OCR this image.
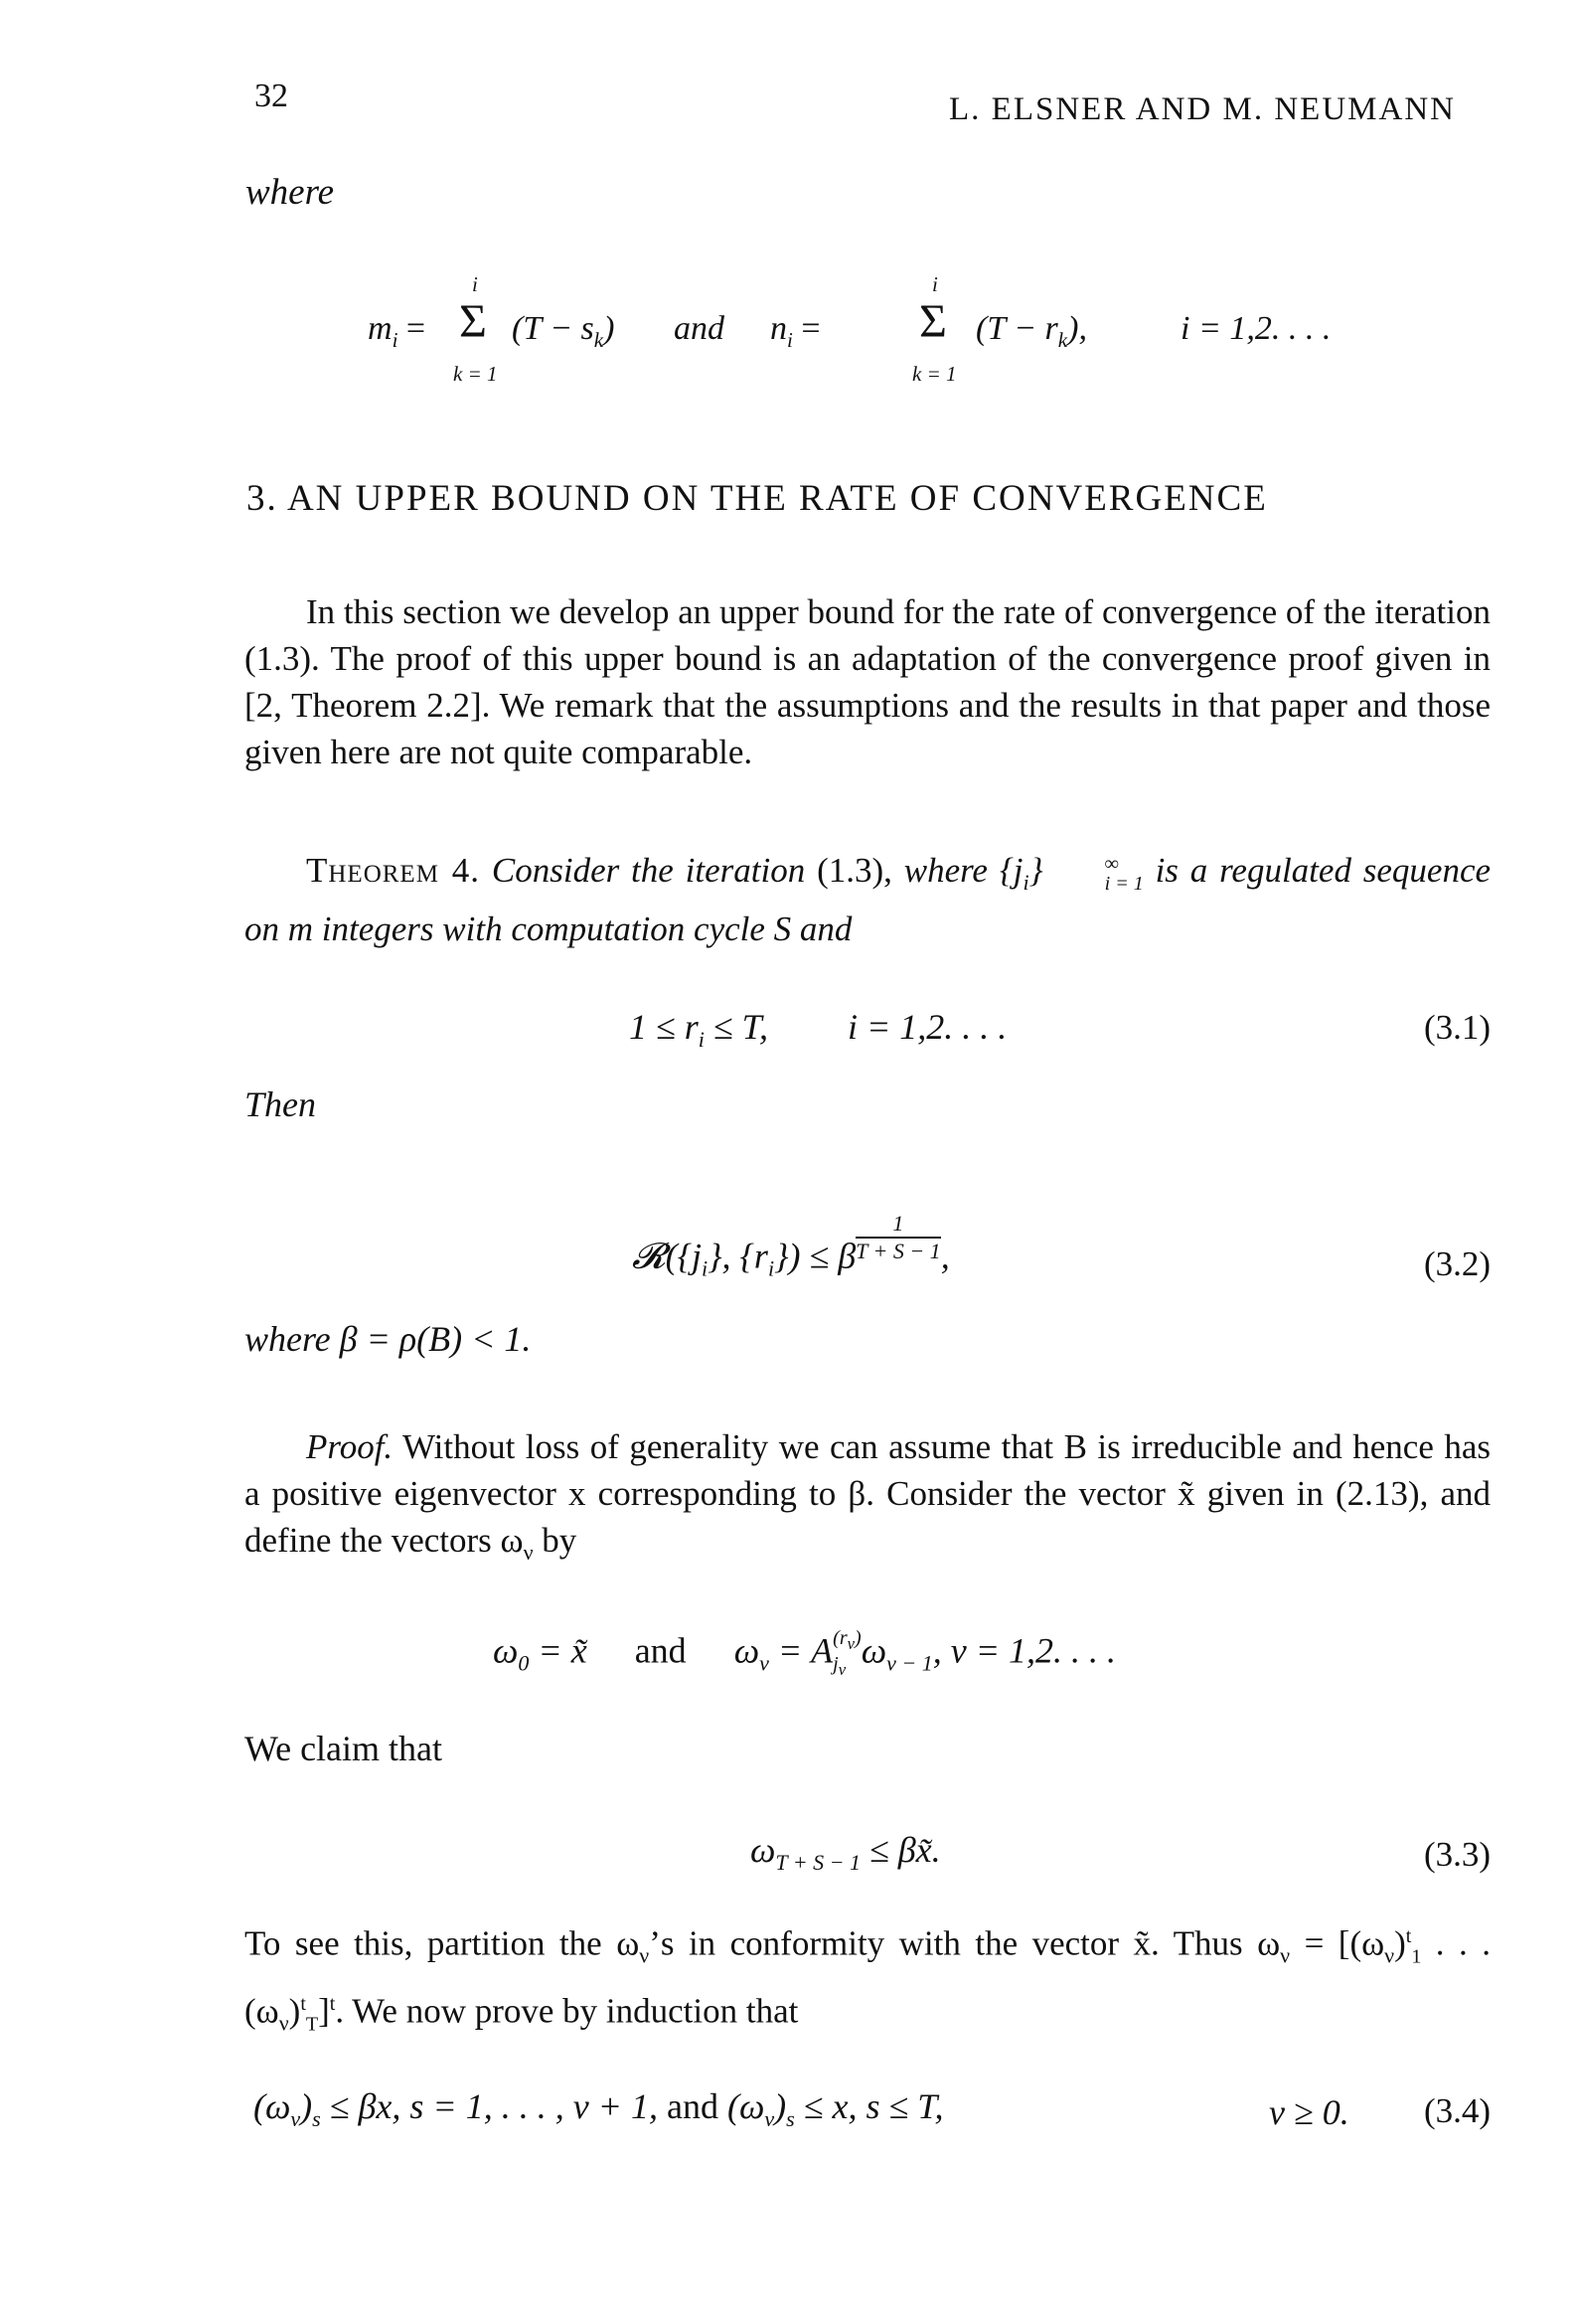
32	L. ELSNER AND M. NEUMANN
where
$m_i$ =
i
Σ
k = 1
$(T - s_k)$ and $n_i$ =
i
Σ
k = 1
$(T - r_k)$,	i = 1,2. . . .
3. AN UPPER BOUND ON THE RATE OF CONVERGENCE
In this section we develop an upper bound for the rate of convergence of the iteration (1.3). The proof of this upper bound is an adaptation of the convergence proof given in [2, Theorem 2.2]. We remark that the assumptions and the results in that paper and those given here are not quite comparable.
Theorem 4. Consider the iteration (1.3), where $\{j_i\}$	∞
i = 1 is a regulated sequence on m integers with computation cycle S and
$1 \le r_i \le T$, i = 1,2. . . .	(3.1)
Then
$𝓡(\{j_i\}$, $\{r_i\}) \le \beta \frac{1}{T + S - 1}$ ,	(3.2)
where β = ρ(B) < 1.
Proof. Without loss of generality we can assume that B is irreducible and hence has a positive eigenvector x corresponding to β. Consider the vector x̃ given in (2.13), and define the vectors $\omega_\nu$ by
$\omega_0$ = x̃ and $\omega_\nu = A$ $(r_\nu)$
$j_\nu$ $\omega_{\nu - 1}$, ν = 1,2. . . .
We claim that
$\omega_{T + S - 1}$ ≤ βx̃.	(3.3)
To see this, partition the $\omega_\nu’s$ in conformity with the vector x̃. Thus $\omega_\nu = [(\omega_\nu)^t_1$ . . . $(\omega_\nu)^t_T]^t$. We now prove by induction that
$(\omega_\nu)_s \le \beta x$, s = 1, . . . , ν + 1, and $(\omega_\nu)_s \le x$, s ≤ T,	ν ≥ 0. (3.4)
